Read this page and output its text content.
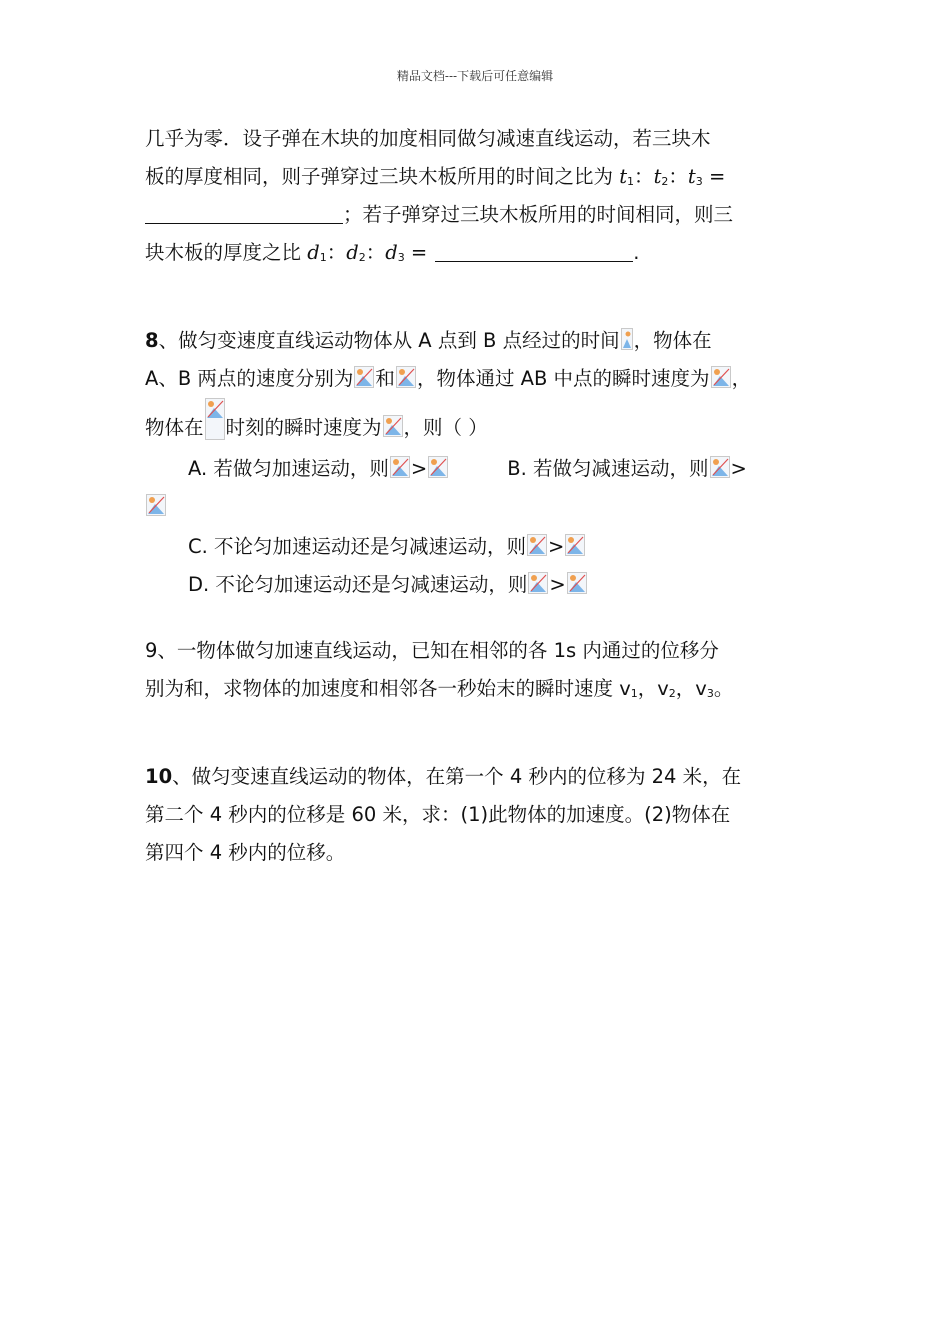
精品文档---下载后可任意编辑
几乎为零．设子弹在木块的加度相同做匀减速直线运动，若三块木
板的厚度相同，则子弹穿过三块木板所用的时间之比为 $t_1$：$t_2$：$t_3$ =
；若子弹穿过三块木板所用的时间相同，则三
块木板的厚度之比 $d_1$：$d_2$：$d_3$ =	.
8、做匀变速度直线运动物体从 A 点到 B 点经过的时间 ，物体在
A、B 两点的速度分别为 和 ，物体通过 AB 中点的瞬时速度为 ，
物体在 时刻的瞬时速度为 ，则（ ）
A. 若做匀加速运动，则 >	B. 若做匀减速运动，则 >
C. 不论匀加速运动还是匀减速运动，则 >
D. 不论匀加速运动还是匀减速运动，则 >
9、一物体做匀加速直线运动，已知在相邻的各 1s 内通过的位移分
别为和，求物体的加速度和相邻各一秒始末的瞬时速度 $v_1$，$v_2$，$v_3$。
10、做匀变速直线运动的物体，在第一个 4 秒内的位移为 24 米，在
第二个 4 秒内的位移是 60 米，求：(1)此物体的加速度。(2)物体在
第四个 4 秒内的位移。
